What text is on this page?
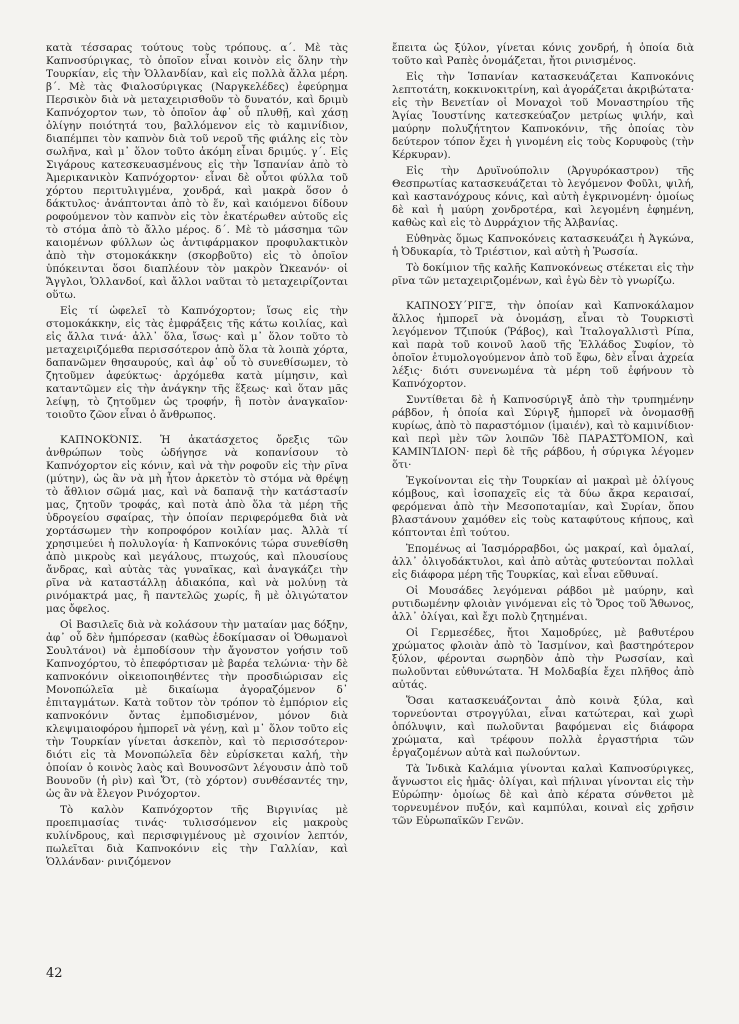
κατὰ τέσσαρας τούτους τοὺς τρόπους. α΄. Μὲ τὰς Καπνοσύριγκας, τὸ ὁποῖον εἶναι κοινὸν εἰς ὅλην τὴν Τουρκίαν, εἰς τὴν Ὁλλανδίαν, καὶ εἰς πολλὰ ἄλλα μέρη. β΄. Μὲ τὰς Φιαλοσύριγκας (Ναργκελέδες) ἐφεύρημα Περσικὸν διὰ νὰ μεταχειρισθοῦν τὸ δυνατόν, καὶ δριμὺ Καπνόχορτον των, τὸ ὁποῖον ἀφ᾿ οὗ πλυθῇ, καὶ χάσῃ ὀλίγην ποιότητά του, βαλλόμενον εἰς τὸ καμινίδιον, διαπέμπει τὸν καπνὸν διὰ τοῦ νεροῦ τῆς φιάλης εἰς τὸν σωλῆνα, καὶ μ᾿ ὅλον τοῦτο ἀκόμη εἶναι δριμύς. γ΄. Εἰς Σιγάρους κατεσκευασμένους εἰς τὴν Ἱσπανίαν ἀπὸ τὸ Ἀμερικανικὸν Καπνόχορτον· εἶναι δὲ οὗτοι φύλλα τοῦ χόρτου περιτυλιγμένα, χονδρά, καὶ μακρὰ ὅσον ὁ δάκτυλος· ἀνάπτονται ἀπὸ τὸ ἕν, καὶ καιόμενοι δίδουν ροφούμενον τὸν καπνὸν εἰς τὸν ἑκατέρωθεν αὐτοῦς εἰς τὸ στόμα ἀπὸ τὸ ἄλλο μέρος. δ΄. Μὲ τὸ μάσσημα τῶν καιομένων φύλλων ὡς ἀντιφάρμακον προφυλακτικὸν ἀπὸ τὴν στομοκάκκην (σκορβοῦτο) εἰς τὸ ὁποῖον ὑπόκεινται ὅσοι διαπλέουν τὸν μακρὸν Ὠκεανόν· οἱ Ἄγγλοι, Ὁλλανδοί, καὶ ἄλλοι ναῦται τὸ μεταχειρίζονται οὕτω.

Εἰς τί ὠφελεῖ τὸ Καπνόχορτον; ἴσως εἰς τὴν στομοκάκκην, εἰς τὰς ἐμφράξεις τῆς κάτω κοιλίας, καὶ εἰς ἄλλα τινά· ἀλλ᾿ ὅλα, ἴσως· καὶ μ᾿ ὅλον τοῦτο τὸ μεταχειριζόμεθα περισσότερον ἀπὸ ὅλα τὰ λοιπὰ χόρτα, δαπανῶμεν θησαυρούς, καὶ ἀφ᾿ οὗ τὸ συνεθίσωμεν, τὸ ζητοῦμεν ἀφεύκτως· ἀρχόμεθα κατὰ μίμησιν, καὶ καταντῶμεν εἰς τὴν ἀνάγκην τῆς ἕξεως· καὶ ὅταν μᾶς λείψῃ, τὸ ζητοῦμεν ὡς τροφήν, ἢ ποτὸν ἀναγκαῖον· τοιοῦτο ζῶον εἶναι ὁ ἄνθρωπος.

ΚΑΠΝΟΚΌΝΙΣ. Ἡ ἀκατάσχετος ὄρεξις τῶν ἀνθρώπων τοὺς ὡδήγησε νὰ κοπανίσουν τὸ Καπνόχορτον εἰς κόνιν, καὶ νὰ τὴν ροφοῦν εἰς τὴν ρῖνα (μύτην), ὡς ἂν νὰ μὴ ἦτον ἀρκετὸν τὸ στόμα νὰ θρέψῃ τὸ ἄθλιον σῶμά μας, καὶ νὰ δαπανᾷ τὴν κατάστασίν μας, ζητοῦν τροφάς, καὶ ποτὰ ἀπὸ ὅλα τὰ μέρη τῆς ὑδρογείου σφαίρας, τὴν ὁποίαν περιφερόμεθα διὰ νὰ χορτάσωμεν τὴν κοπροφόρον κοιλίαν μας. Ἀλλὰ τί χρησιμεύει ἡ πολυλογία· ἡ Καπνοκόνις τώρα συνεθίσθη ἀπὸ μικροὺς καὶ μεγάλους, πτωχούς, καὶ πλουσίους ἄνδρας, καὶ αὐτὰς τὰς γυναῖκας, καὶ ἀναγκάζει τὴν ρῖνα νὰ καταστάλλῃ ἀδιακόπα, καὶ νὰ μολύνῃ τὰ ρινόμακτρά μας, ἢ παντελῶς χωρίς, ἢ μὲ ὀλιγώτατον μας ὄφελος.

Οἱ Βασιλεῖς διὰ νὰ κολάσουν τὴν ματαίαν μας δόξην, ἀφ᾿ οὗ δὲν ἠμπόρεσαν (καθὼς ἐδοκίμασαν οἱ Ὀθωμανοὶ Σουλτάνοι) νὰ ἐμποδίσουν τὴν ἄγονστον γοήσιν τοῦ Καπνοχόρτου, τὸ ἐπεφόρτισαν μὲ βαρέα τελώνια· τὴν δὲ καπνοκόνιν οἰκειοποιηθέντες τὴν προσδιώρισαν εἰς Μονοπώλεῖα μὲ δικαίωμα ἀγοραζόμενον δ᾿ ἐπιταγμάτων. Κατὰ τοῦτον τὸν τρόπον τὸ ἐμπόριον εἰς καπνοκόνιν ὄντας ἐμποδισμένον, μόνον διὰ κλεψιμαιοφόρου ἠμπορεῖ νὰ γένῃ, καὶ μ᾿ ὅλον τοῦτο εἰς τὴν Τουρκίαν γίνεται ἀσκεπὸν, καὶ τὸ περισσότερον· διότι εἰς τὰ Μονοπώλεῖα δὲν εὑρίσκεται καλή, τὴν ὁποίαν ὁ κοινὸς λαὸς καὶ Βουνοσῶντ λέγουσιν ἀπὸ τοῦ Βουνοῦν (ἡ ρὶν) καὶ Ὄτ, (τὸ χόρτον) συνθέσαντές την, ὡς ἂν νὰ ἔλεγον Ρινόχορτον.

Τὸ καλὸν Καπνόχορτον τῆς Βιργινίας μὲ προεπιμασίας τινάς· τυλισσόμενον εἰς μακροὺς κυλίνδρους, καὶ περισφιγμένους μὲ σχοινίον λεπτόν, πωλεῖται διὰ Καπνοκόνιν εἰς τὴν Γαλλίαν, καὶ Ὁλλάνδαν· ρινιζόμενον

ἔπειτα ὡς ξύλον, γίνεται κόνις χονδρή, ἡ ὁποία διὰ τοῦτο καὶ Ραπὲς ὀνομάζεται, ἤτοι ρινισμένος.

Εἰς τὴν Ἱσπανίαν κατασκευάζεται Καπνοκόνις λεπτοτάτη, κοκκινοκιτρίνη, καὶ ἀγοράζεται ἀκριβώτατα· εἰς τὴν Βενετίαν οἱ Μοναχοὶ τοῦ Μοναστηρίου τῆς Ἁγίας Ἰουστίνης κατεσκεύαζον μετρίως ψιλήν, καὶ μαύρην πολυζήτητον Καπνοκόνιν, τῆς ὁποίας τὸν δεύτερον τόπον ἔχει ἡ γινομένη εἰς τοὺς Κορυφοὺς (τὴν Κέρκυραν).

Εἰς τὴν Δρυϊνούπολιν (Ἀργυρόκαστρον) τῆς Θεσπρωτίας κατασκευάζεται τὸ λεγόμενον Φοῦλι, ψιλή, καὶ καστανόχρους κόνις, καὶ αὐτὴ ἐγκρινομένη· ὁμοίως δὲ καὶ ἡ μαύρη χονδροτέρα, καὶ λεγομένη ἐφημένη, καθὼς καὶ εἰς τὸ Δυρράχιον τῆς Ἀλβανίας.

Εὐθηνὰς ὅμως Καπνοκόνεις κατασκευάζει ἡ Ἀγκώνα, ἡ Ὀδυκαρία, τὸ Τριέστιον, καὶ αὐτὴ ἡ Ῥωσσία.

Τὸ δοκίμιον τῆς καλῆς Καπνοκόνεως στέκεται εἰς τὴν ρῖνα τῶν μεταχειριζομένων, καὶ ἐγὼ δὲν τὸ γνωρίζω.

ΚΑΠΝΟΣΥ΄ΡΙΓΞ, τὴν ὁποίαν καὶ Καπνοκάλαμον ἄλλος ἠμπορεῖ νὰ ὀνομάσῃ, εἶναι τὸ Τουρκιστὶ λεγόμενον Τζιπούκ (Ῥάβος), καὶ Ἰταλογαλλιστὶ Ρίπα, καὶ παρὰ τοῦ κοινοῦ λαοῦ τῆς Ἑλλάδος Συφίον, τὸ ὁποῖον ἐτυμολογούμενον ἀπὸ τοῦ ἔφω, δὲν εἶναι ἀχρεία λέξις· διότι συνενωμένα τὰ μέρη τοῦ ἐφήνουν τὸ Καπνόχορτον.

Συντίθεται δὲ ἡ Καπνοσύριγξ ἀπὸ τὴν τρυπημένην ράβδον, ἡ ὁποία καὶ Σύριγξ ἠμπορεῖ νὰ ὀνομασθῇ κυρίως, ἀπὸ τὸ παραστόμιον (ἱμαιέν), καὶ τὸ καμινίδιον· καὶ περὶ μὲν τῶν λοιπῶν Ἰδὲ ΠΑΡΑΣΤΌΜΙΟΝ, καὶ ΚΑΜΙΝΊΔΙΟΝ· περὶ δὲ τῆς ράβδου, ἡ σύριγκα λέγομεν ὅτι·

Ἐγκοίνονται εἰς τὴν Τουρκίαν αἱ μακραὶ μὲ ὀλίγους κόμβους, καὶ ἰσοπαχεῖς εἰς τὰ δύω ἄκρα κεραισαί, φερόμεναι ἀπὸ τὴν Μεσοποταμίαν, καὶ Συρίαν, ὅπου βλαστάνουν χαμόθεν εἰς τοὺς καταφύτους κήπους, καὶ κόπτονται ἐπὶ τούτου.

Ἑπομένως αἱ Ἰασμόρραβδοι, ὡς μακραί, καὶ ὁμαλαί, ἀλλ᾿ ὀλιγοδάκτυλοι, καὶ ἀπὸ αὐτὰς φυτεύονται πολλαὶ εἰς διάφορα μέρη τῆς Τουρκίας, καὶ εἶναι εὔθυναί.

Οἱ Μουσάδες λεγόμεναι ράβδοι μὲ μαύρην, καὶ ρυτιδωμένην φλοιὰν γινόμεναι εἰς τὸ Ὄρος τοῦ Ἄθωνος, ἀλλ᾿ ὀλίγαι, καὶ ἔχι πολὺ ζητημέναι.

Οἱ Γερμεσέδες, ἤτοι Χαμοδρύες, μὲ βαθυτέρου χρώματος φλοιὰν ἀπὸ τὸ Ἰασμίνον, καὶ βαστηρότερον ξύλον, φέρονται σωρηδὸν ἀπὸ τὴν Ρωσσίαν, καὶ πωλοῦνται εὐθυνώτατα. Ἡ Μολδαβία ἔχει πλῆθος ἀπὸ αὐτάς.

Ὅσαι κατασκευάζονται ἀπὸ κοινὰ ξύλα, καὶ τορνεύονται στρογγύλαι, εἶναι κατώτεραι, καὶ χωρὶ ὁπόλυψιν, καὶ πωλοῦνται βαφόμεναι εἰς διάφορα χρώματα, καὶ τρέφουν πολλὰ ἐργαστήρια τῶν ἐργαζομένων αὐτὰ καὶ πωλούντων.

Τὰ Ἰνδικὰ Καλάμια γίνονται καλαὶ Καπνοσύριγκες, ἄγνωστοι εἰς ἡμᾶς· ὀλίγαι, καὶ πήλιναι γίνονται εἰς τὴν Εὐρώπην· ὁμοίως δὲ καὶ ἀπὸ κέρατα σύνθετοι μὲ τορνευμένον πυξόν, καὶ καμπύλαι, κοιναὶ εἰς χρῆσιν τῶν Εὐρωπαϊκῶν Γενῶν.

42
